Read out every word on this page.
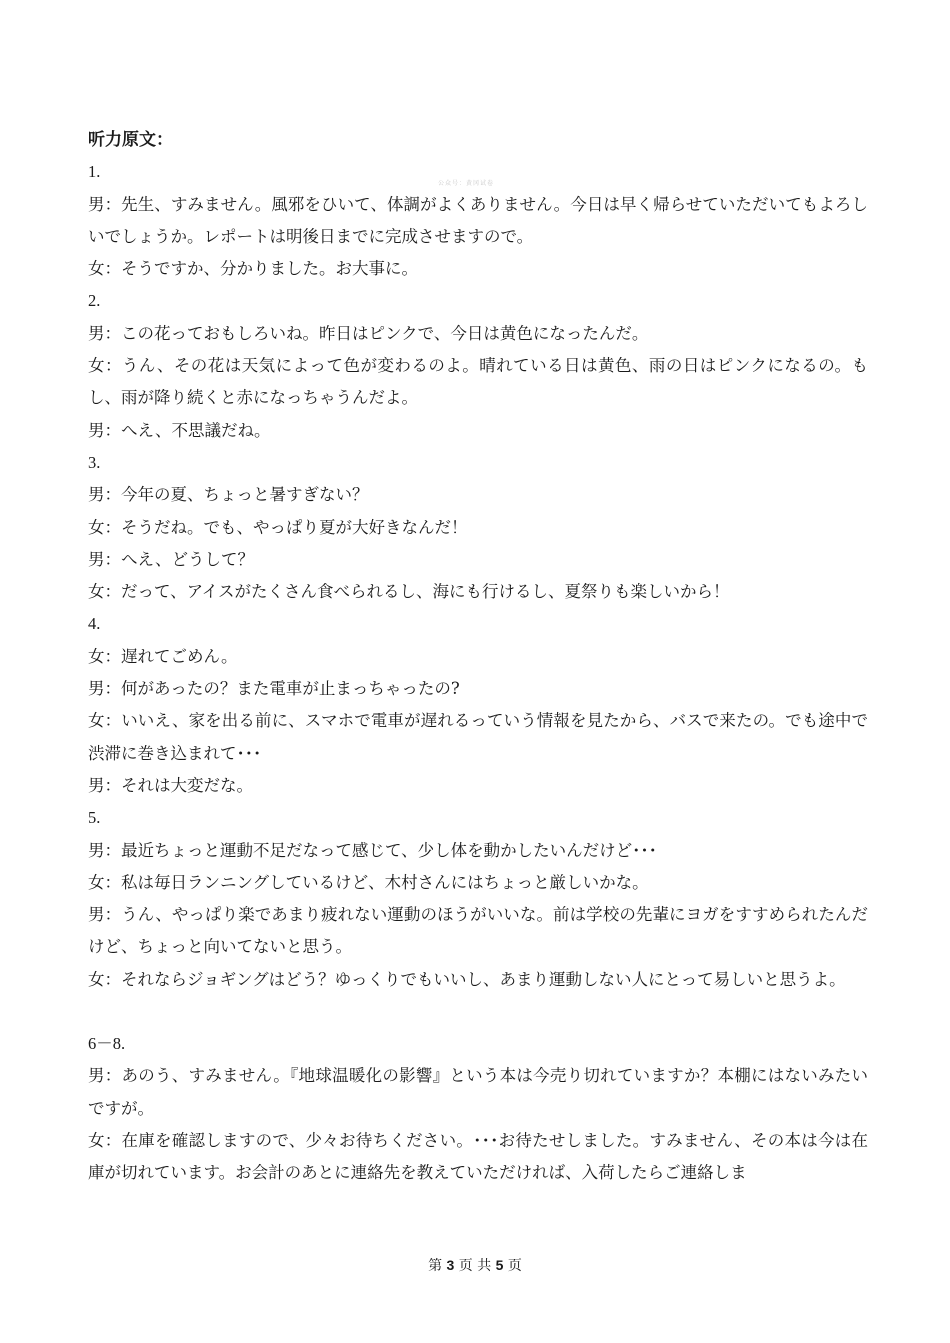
公众号：黄冈试卷

听力原文：

1.

男：先生、すみません。風邪をひいて、体調がよくありません。今日は早く帰らせていただいてもよろしいでしょうか。レポートは明後日までに完成させますので。

女：そうですか、分かりました。お大事に。

2.

男：この花っておもしろいね。昨日はピンクで、今日は黄色になったんだ。

女：うん、その花は天気によって色が変わるのよ。晴れている日は黄色、雨の日はピンクになるの。もし、雨が降り続くと赤になっちゃうんだよ。

男：へえ、不思議だね。

3.

男：今年の夏、ちょっと暑すぎない？

女：そうだね。でも、やっぱり夏が大好きなんだ！

男：へえ、どうして？

女：だって、アイスがたくさん食べられるし、海にも行けるし、夏祭りも楽しいから！

4.

女：遅れてごめん。

男：何があったの？また電車が止まっちゃったの?

女：いいえ、家を出る前に、スマホで電車が遅れるっていう情報を見たから、バスで来たの。でも途中で渋滞に巻き込まれて･･･

男：それは大変だな。

5.

男：最近ちょっと運動不足だなって感じて、少し体を動かしたいんだけど･･･

女：私は毎日ランニングしているけど、木村さんにはちょっと厳しいかな。

男：うん、やっぱり楽であまり疲れない運動のほうがいいな。前は学校の先輩にヨガをすすめられたんだけど、ちょっと向いてないと思う。

女：それならジョギングはどう？ゆっくりでもいいし、あまり運動しない人にとって易しいと思うよ。

6－8.

男：あのう、すみません。『地球温暖化の影響』という本は今売り切れていますか？本棚にはないみたいですが。

女：在庫を確認しますので、少々お待ちください。･･･お待たせしました。すみません、その本は今は在庫が切れています。お会計のあとに連絡先を教えていただければ、入荷したらご連絡しま

第 3 页 共 5 页
